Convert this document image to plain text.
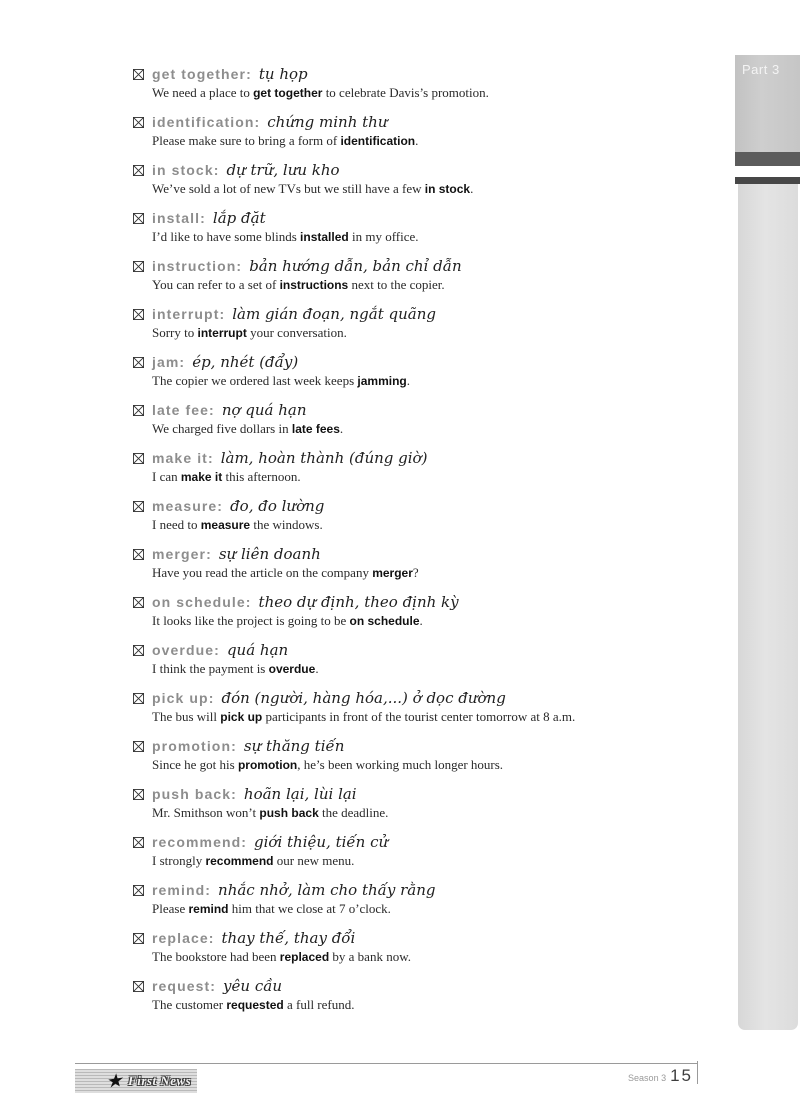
Part 3
get together: tụ họp
We need a place to get together to celebrate Davis’s promotion.
identification: chứng minh thư
Please make sure to bring a form of identification.
in stock: dự trữ, lưu kho
We’ve sold a lot of new TVs but we still have a few in stock.
install: lắp đặt
I’d like to have some blinds installed in my office.
instruction: bản hướng dẫn, bản chỉ dẫn
You can refer to a set of instructions next to the copier.
interrupt: làm gián đoạn, ngắt quãng
Sorry to interrupt your conversation.
jam: ép, nhét (đẩy)
The copier we ordered last week keeps jamming.
late fee: nợ quá hạn
We charged five dollars in late fees.
make it: làm, hoàn thành (đúng giờ)
I can make it this afternoon.
measure: đo, đo lường
I need to measure the windows.
merger: sự liên doanh
Have you read the article on the company merger?
on schedule: theo dự định, theo định kỳ
It looks like the project is going to be on schedule.
overdue: quá hạn
I think the payment is overdue.
pick up: đón (người, hàng hóa,...) ở dọc đường
The bus will pick up participants in front of the tourist center tomorrow at 8 a.m.
promotion: sự thăng tiến
Since he got his promotion, he’s been working much longer hours.
push back: hoãn lại, lùi lại
Mr. Smithson won’t push back the deadline.
recommend: giới thiệu, tiến cử
I strongly recommend our new menu.
remind: nhắc nhở, làm cho thấy rằng
Please remind him that we close at 7 o’clock.
replace: thay thế, thay đổi
The bookstore had been replaced by a bank now.
request: yêu cầu
The customer requested a full refund.
★ First News	Season 3 15
